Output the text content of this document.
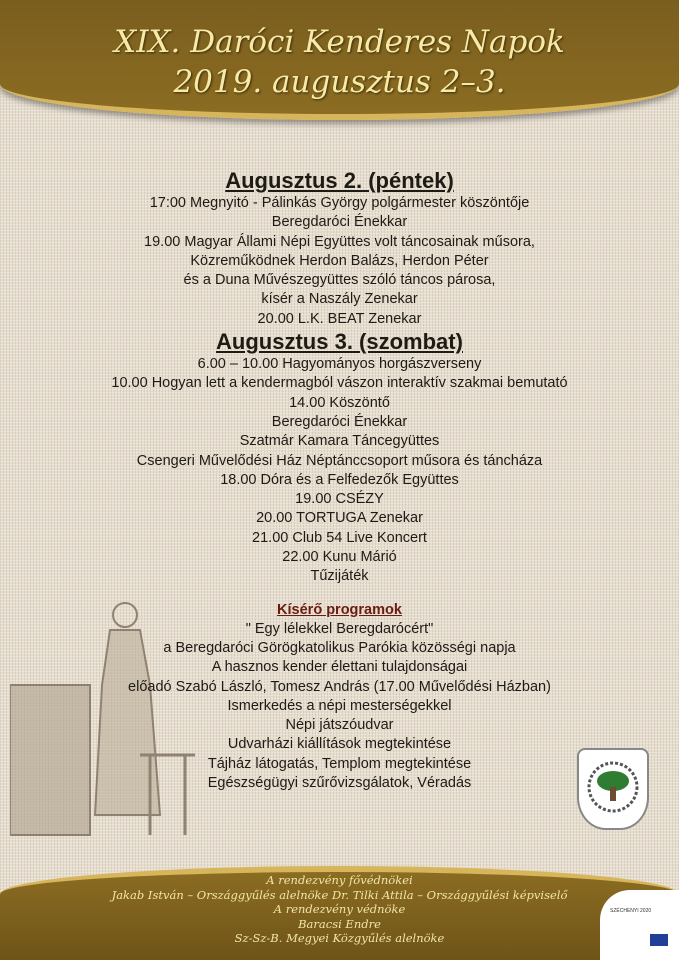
XIX. Daróci Kenderes Napok
2019. augusztus 2–3.
Augusztus 2. (péntek)
17:00 Megnyitó - Pálinkás György polgármester köszöntője
Beregdaróci Énekkar
19.00 Magyar Állami Népi Együttes volt táncosainak műsora,
Közreműködnek Herdon Balázs, Herdon Péter
és a Duna Művészegyüttes szóló táncos párosa,
kísér a Naszály Zenekar
20.00 L.K. BEAT Zenekar
Augusztus 3. (szombat)
6.00 – 10.00 Hagyományos horgászverseny
10.00 Hogyan lett a kendermagból vászon interaktív szakmai bemutató
14.00 Köszöntő
Beregdaróci Énekkar
Szatmár Kamara Táncegyüttes
Csengeri Művelődési Ház Néptánccsoport műsora és táncháza
18.00 Dóra és a Felfedezők Együttes
19.00 CSÉZY
20.00 TORTUGA Zenekar
21.00 Club 54 Live Koncert
22.00 Kunu Márió
Tűzijáték
Kísérő programok
" Egy lélekkel Beregdarócért"
a Beregdaróci Görögkatolikus Parókia közösségi napja
A hasznos kender élettani tulajdonságai
előadó Szabó László, Tomesz András (17.00 Művelődési Házban)
Ismerkedés a népi mesterségekkel
Népi játszóudvar
Udvarházi kiállítások megtekintése
Tájház látogatás, Templom megtekintése
Egészségügyi szűrővizsgálatok, Véradás
A rendezvény fővédnökei
Jakab István – Országgyűlés alelnöke Dr. Tilki Attila – Országgyűlési képviselő
A rendezvény védnöke
Baracsi Endre
Sz-Sz-B. Megyei Közgyűlés alelnöke
SZÉCHENYI 2020
